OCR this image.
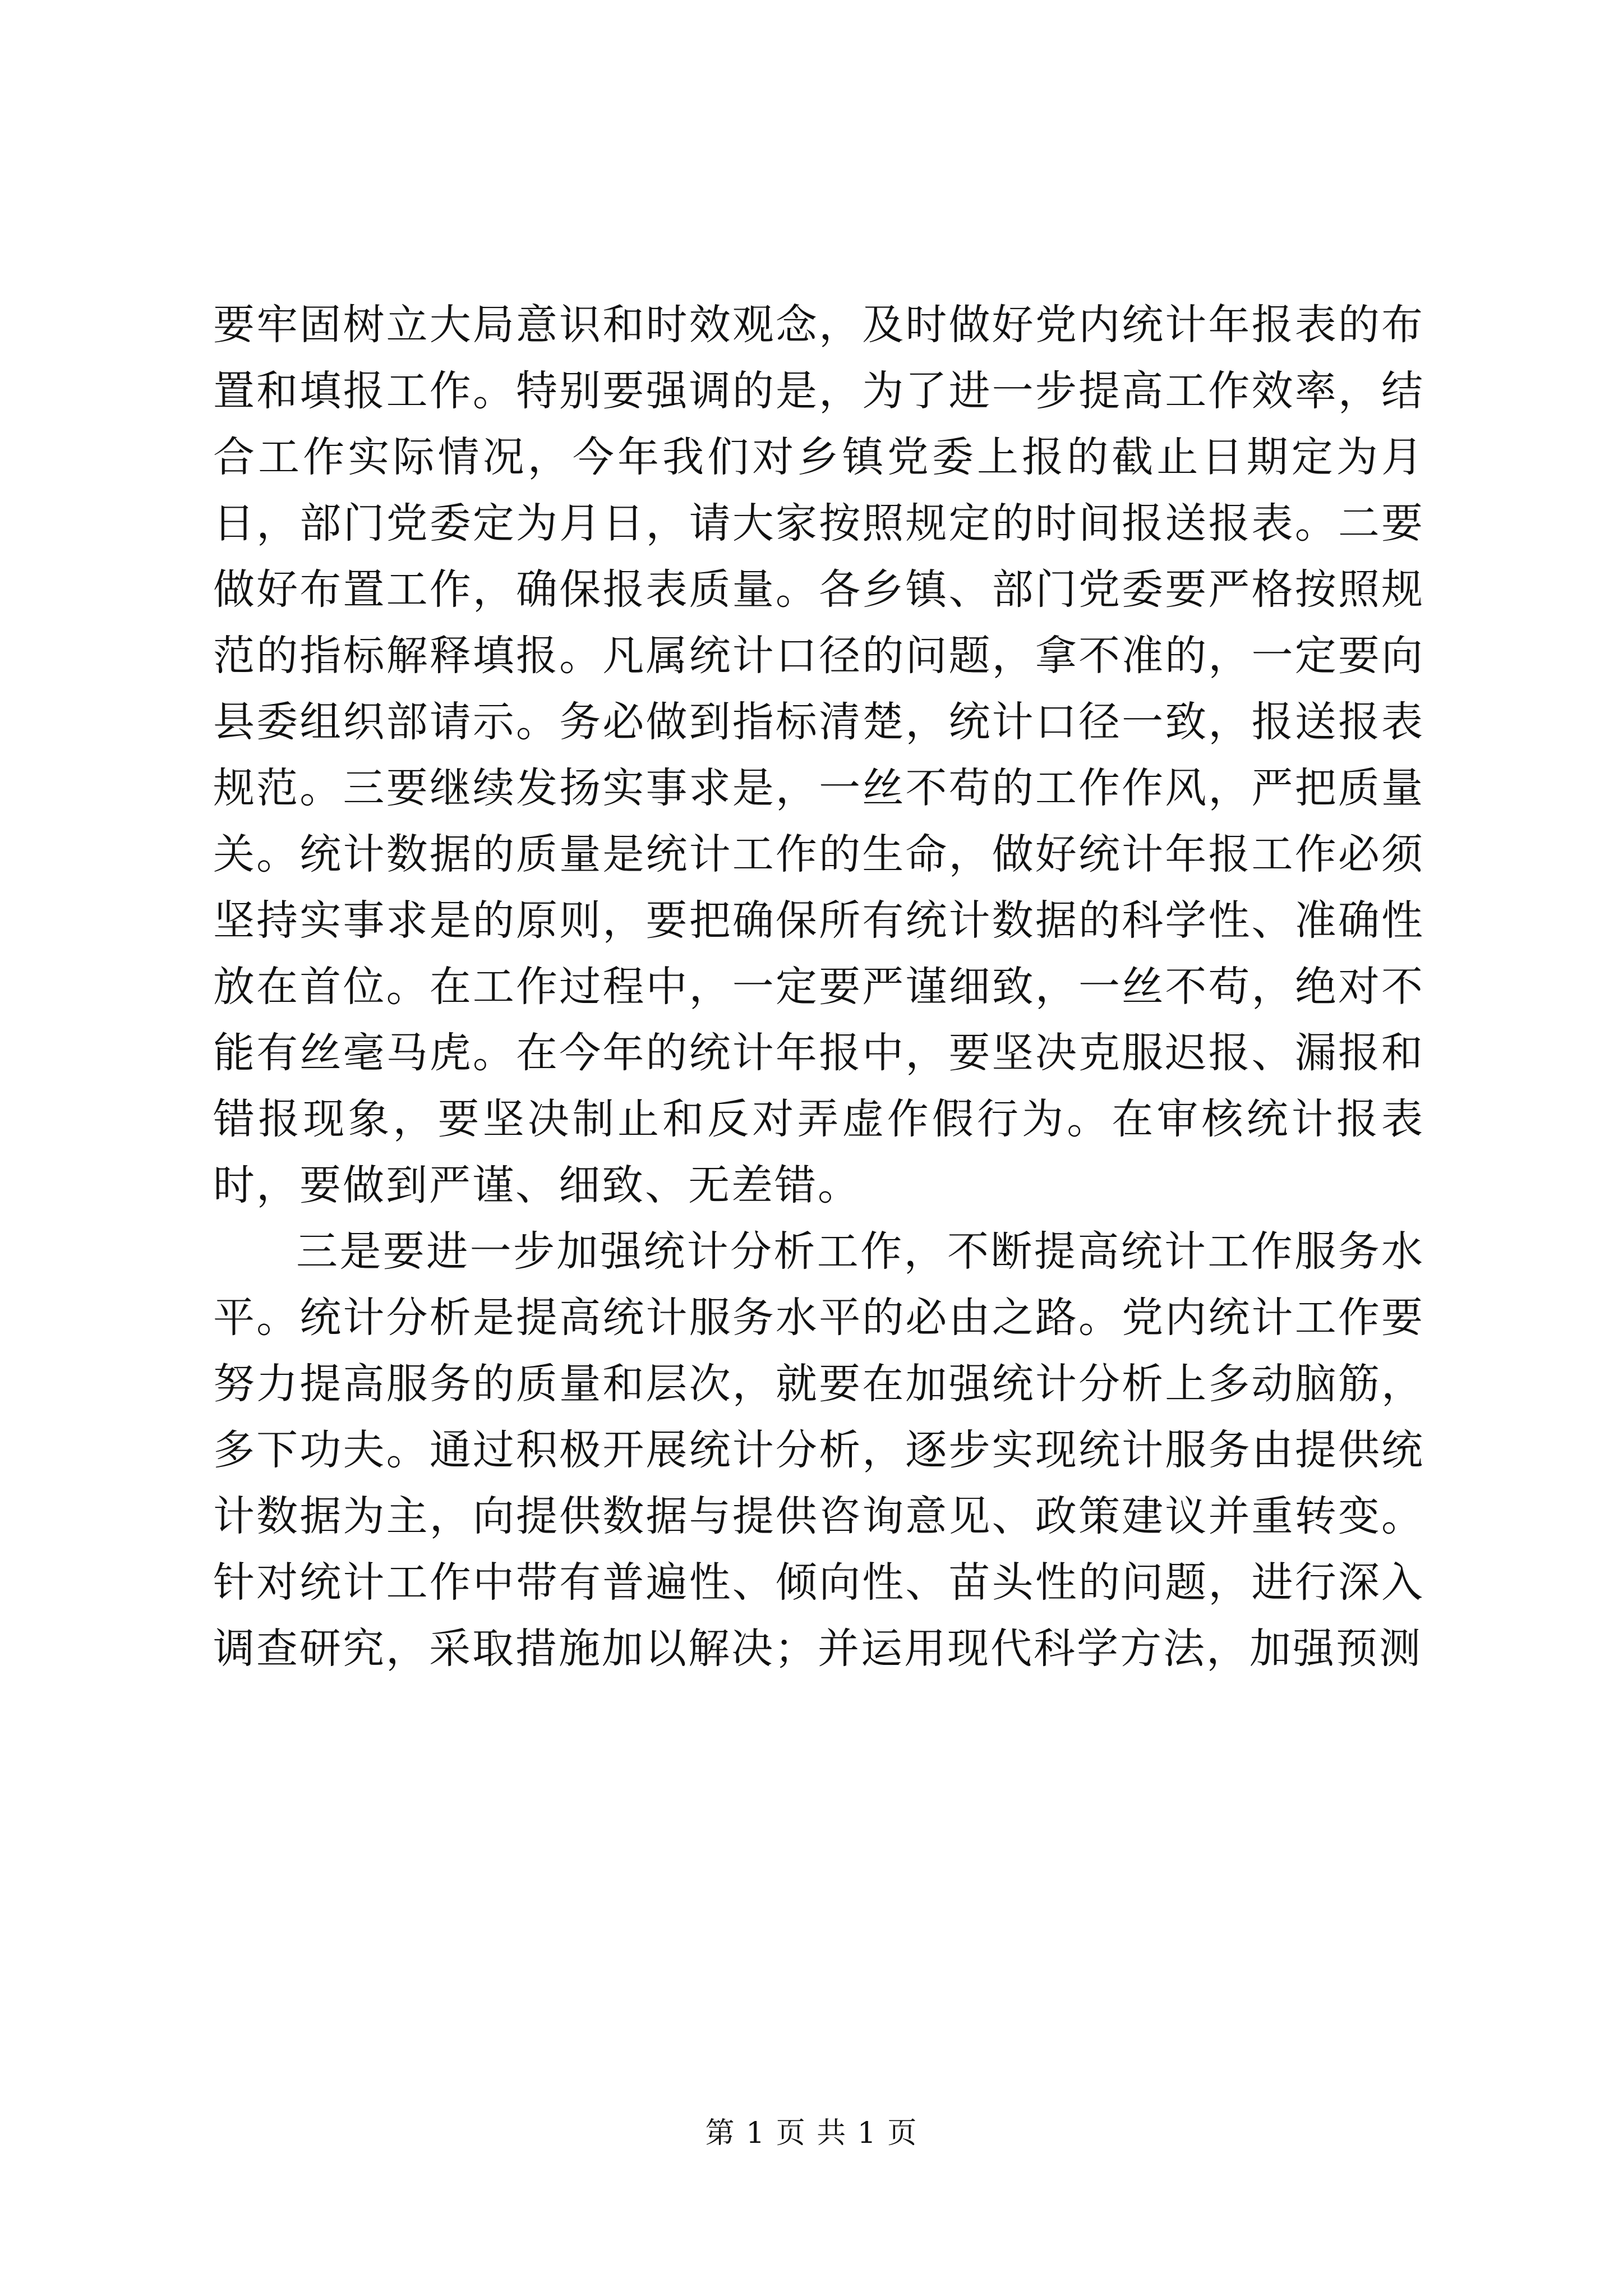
要牢固树立大局意识和时效观念，及时做好党内统计年报表的布置和填报工作。特别要强调的是，为了进一步提高工作效率，结合工作实际情况，今年我们对乡镇党委上报的截止日期定为月日，部门党委定为月日，请大家按照规定的时间报送报表。二要做好布置工作，确保报表质量。各乡镇、部门党委要严格按照规范的指标解释填报。凡属统计口径的问题，拿不准的，一定要向县委组织部请示。务必做到指标清楚，统计口径一致，报送报表规范。三要继续发扬实事求是，一丝不苟的工作作风，严把质量关。统计数据的质量是统计工作的生命，做好统计年报工作必须坚持实事求是的原则，要把确保所有统计数据的科学性、准确性放在首位。在工作过程中，一定要严谨细致，一丝不苟，绝对不能有丝毫马虎。在今年的统计年报中，要坚决克服迟报、漏报和错报现象，要坚决制止和反对弄虚作假行为。在审核统计报表时，要做到严谨、细致、无差错。

三是要进一步加强统计分析工作，不断提高统计工作服务水平。统计分析是提高统计服务水平的必由之路。党内统计工作要努力提高服务的质量和层次，就要在加强统计分析上多动脑筋，多下功夫。通过积极开展统计分析，逐步实现统计服务由提供统计数据为主，向提供数据与提供咨询意见、政策建议并重转变。针对统计工作中带有普遍性、倾向性、苗头性的问题，进行深入调查研究，采取措施加以解决；并运用现代科学方法，加强预测

第 1 页 共 1 页
